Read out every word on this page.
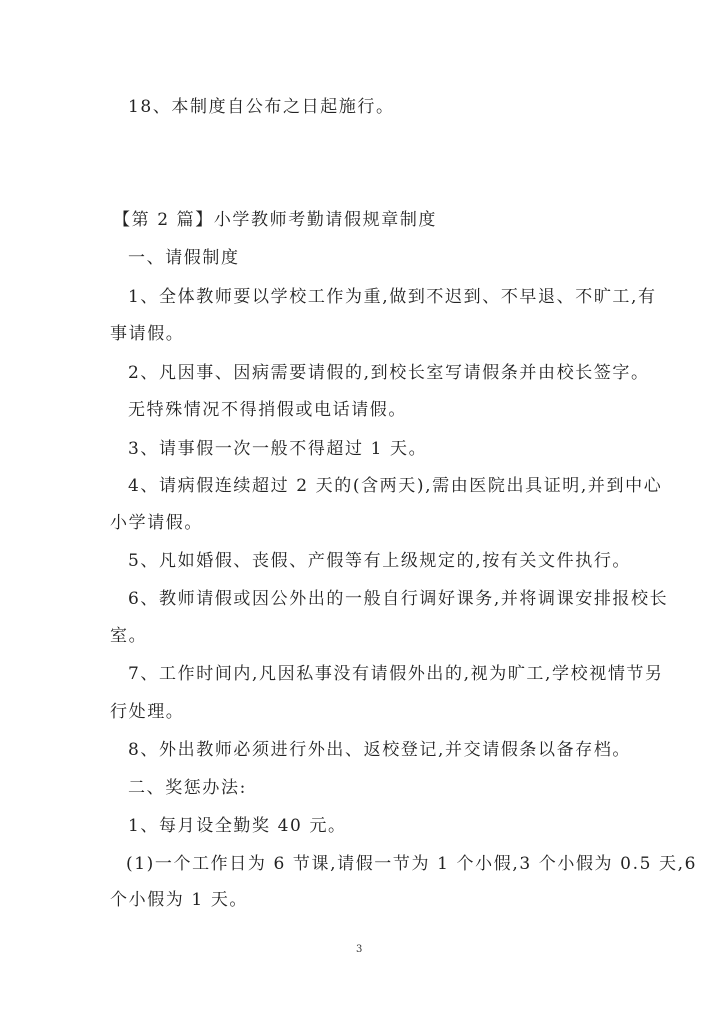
18、本制度自公布之日起施行。
【第 2 篇】小学教师考勤请假规章制度
一、请假制度
1、全体教师要以学校工作为重,做到不迟到、不早退、不旷工,有
事请假。
2、凡因事、因病需要请假的,到校长室写请假条并由校长签字。
无特殊情况不得捎假或电话请假。
3、请事假一次一般不得超过 1 天。
4、请病假连续超过 2 天的(含两天),需由医院出具证明,并到中心
小学请假。
5、凡如婚假、丧假、产假等有上级规定的,按有关文件执行。
6、教师请假或因公外出的一般自行调好课务,并将调课安排报校长
室。
7、工作时间内,凡因私事没有请假外出的,视为旷工,学校视情节另
行处理。
8、外出教师必须进行外出、返校登记,并交请假条以备存档。
二、奖惩办法:
1、每月设全勤奖 40 元。
(1)一个工作日为 6 节课,请假一节为 1 个小假,3 个小假为 0.5 天,6
个小假为 1 天。
3
